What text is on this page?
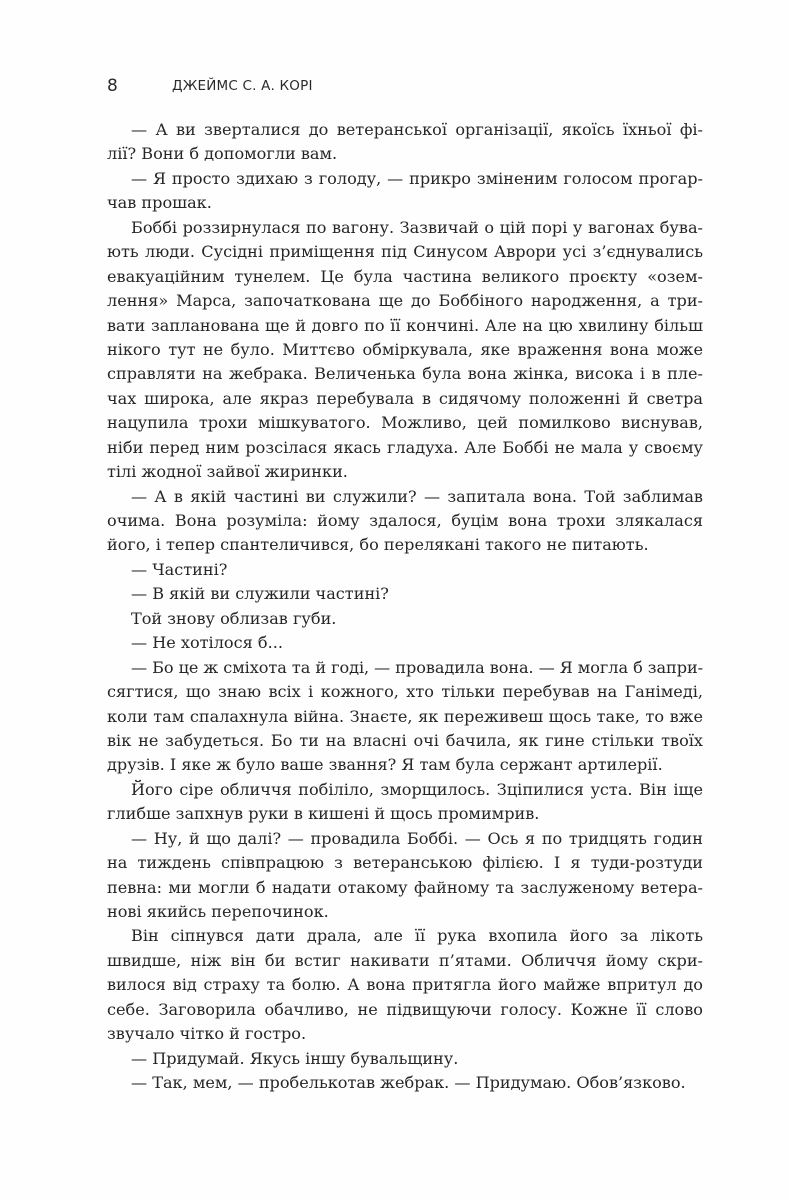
8	ДЖЕЙМС С. А. КОРІ
— А ви зверталися до ветеранської організації, якоїсь їхньої фі-
лії? Вони б допомогли вам.
— Я просто здихаю з голоду, — прикро зміненим голосом прогар-
чав прошак.
Боббі роззирнулася по вагону. Зазвичай о цій порі у вагонах бува-
ють люди. Сусідні приміщення під Синусом Аврори усі з’єднувались
евакуаційним тунелем. Це була частина великого проєкту «озем-
лення» Марса, започаткована ще до Боббіного народження, а три-
вати запланована ще й довго по її кончині. Але на цю хвилину більш
нікого тут не було. Миттєво обміркувала, яке враження вона може
справляти на жебрака. Величенька була вона жінка, висока і в пле-
чах широка, але якраз перебувала в сидячому положенні й светра
нацупила трохи мішкуватого. Можливо, цей помилково виснував,
ніби перед ним розсілася якась гладуха. Але Боббі не мала у своєму
тілі жодної зайвої жиринки.
— А в якій частині ви служили? — запитала вона. Той заблимав
очима. Вона розуміла: йому здалося, буцім вона трохи злякалася
його, і тепер спантеличився, бо перелякані такого не питають.
— Частині?
— В якій ви служили частині?
Той знову облизав губи.
— Не хотілося б...
— Бо це ж сміхота та й годі, — провадила вона. — Я могла б запри-
сягтися, що знаю всіх і кожного, хто тільки перебував на Ганімеді,
коли там спалахнула війна. Знаєте, як переживеш щось таке, то вже
вік не забудеться. Бо ти на власні очі бачила, як гине стільки твоїх
друзів. І яке ж було ваше звання? Я там була сержант артилерії.
Його сіре обличчя побіліло, зморщилось. Зціпилися уста. Він іще
глибше запхнув руки в кишені й щось промимрив.
— Ну, й що далі? — провадила Боббі. — Ось я по тридцять годин
на тиждень співпрацюю з ветеранською філією. І я туди-розтуди
певна: ми могли б надати отакому файному та заслуженому ветера-
нові якийсь перепочинок.
Він сіпнувся дати драла, але її рука вхопила його за лікоть
швидше, ніж він би встиг накивати п’ятами. Обличчя йому скри-
вилося від страху та болю. А вона притягла його майже впритул до
себе. Заговорила обачливо, не підвищуючи голосу. Кожне її слово
звучало чітко й гостро.
— Придумай. Якусь іншу бувальщину.
— Так, мем, — пробелькотав жебрак. — Придумаю. Обов’язково.
